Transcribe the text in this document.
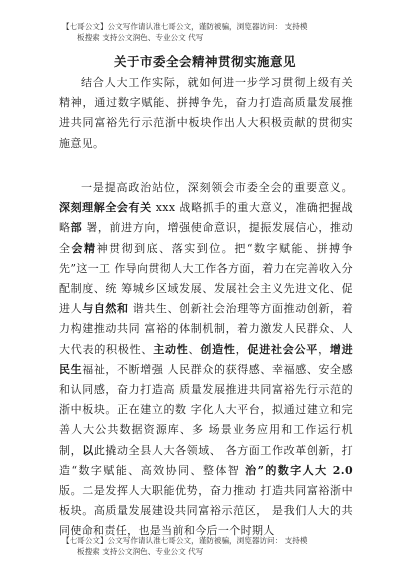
【七哥公文】公文写作请认准七哥公文，谨防被骗，浏览器访问： 支持模
板搜索 支持公文润色、专业公文 代写
关于市委全会精神贯彻实施意见

结合人大工作实际，就如何进一步学习贯彻上级有关精神，通过数字赋能、拼搏争先，奋力打造高质量发展推进共同富裕先行示范浙中板块作出人大积极贡献的贯彻实施意见。

一是提高政治站位，深刻领会市委全会的重要意义。深刻理解全会有关 xxx 战略抓手的重大意义，准确把握战略部 署，前进方向，增强使命意识，提振发展信心，推动全会精神贯彻到底、落实到位。把“数字赋能、拼搏争先”这一工 作导向贯彻人大工作各方面，着力在完善收入分配制度、统 筹城乡区域发展、发展社会主义先进文化、促进人与自然和 谐共生、创新社会治理等方面推动创新，着力构建推动共同 富裕的体制机制，着力激发人民群众、人大代表的积极性、主动性、创造性，促进社会公平，增进民生福祉，不断增强 人民群众的获得感、幸福感、安全感和认同感，奋力打造高 质量发展推进共同富裕先行示范的浙中板块。正在建立的数 字化人大平台，拟通过建立和完善人大公共数据资源库、多 场景业务应用和工作运行机制，以此撬动全县人大各领域、 各方面工作改革创新，打造“数字赋能、高效协同、整体智 治”的数字人大 2.0 版。二是发挥人大职能优势，奋力推动 打造共同富裕浙中板块。高质量发展建设共同富裕示范区， 是我们人大的共同使命和责任，也是当前和今后一个时期人

【七哥公文】公文写作请认准七哥公文，谨防被骗，浏览器访问： 支持模
板搜索 支持公文润色、专业公文 代写
